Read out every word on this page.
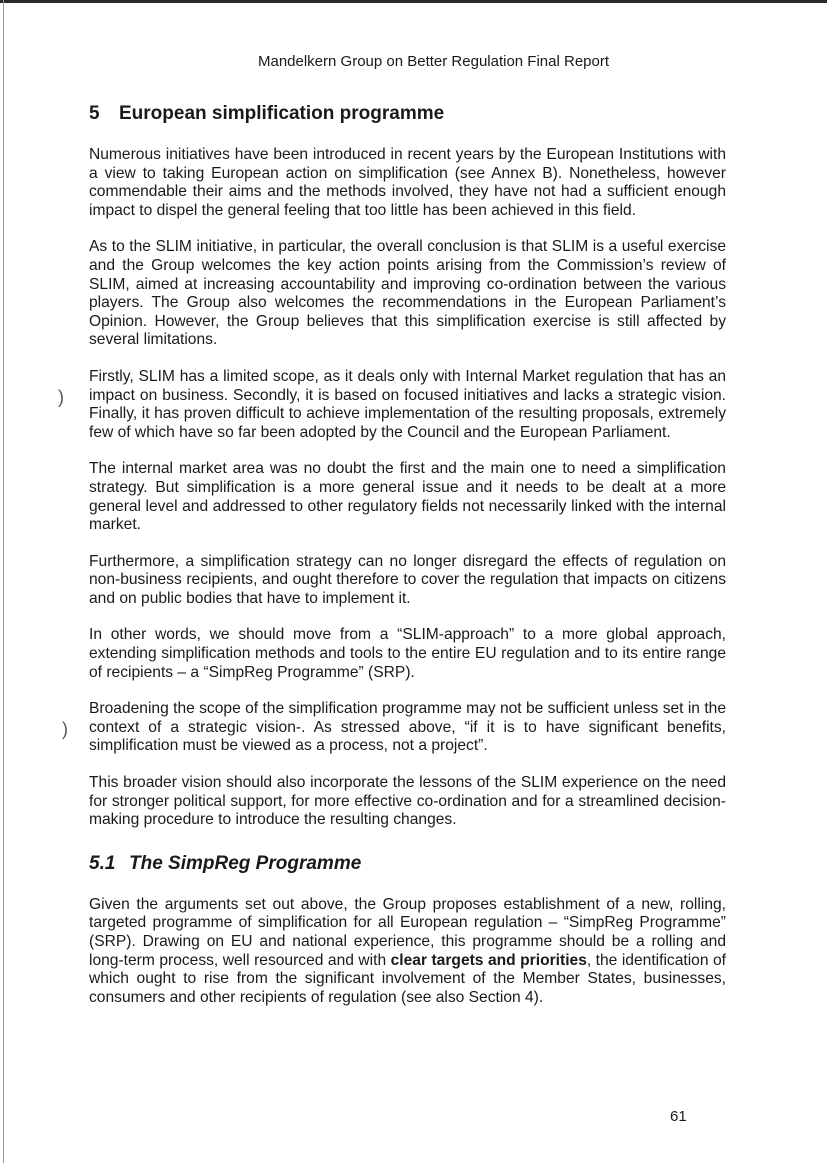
Mandelkern Group on Better Regulation Final Report
)
)
5 European simplification programme

Numerous initiatives have been introduced in recent years by the European Institutions with a view to taking European action on simplification (see Annex B). Nonetheless, however commendable their aims and the methods involved, they have not had a sufficient enough impact to dispel the general feeling that too little has been achieved in this field.

As to the SLIM initiative, in particular, the overall conclusion is that SLIM is a useful exercise and the Group welcomes the key action points arising from the Commission’s review of SLIM, aimed at increasing accountability and improving co-ordination between the various players. The Group also welcomes the recommendations in the European Parliament’s Opinion. However, the Group believes that this simplification exercise is still affected by several limitations.

Firstly, SLIM has a limited scope, as it deals only with Internal Market regulation that has an impact on business. Secondly, it is based on focused initiatives and lacks a strategic vision. Finally, it has proven difficult to achieve implementation of the resulting proposals, extremely few of which have so far been adopted by the Council and the European Parliament.

The internal market area was no doubt the first and the main one to need a simplification strategy. But simplification is a more general issue and it needs to be dealt at a more general level and addressed to other regulatory fields not necessarily linked with the internal market.

Furthermore, a simplification strategy can no longer disregard the effects of regulation on non-business recipients, and ought therefore to cover the regulation that impacts on citizens and on public bodies that have to implement it.

In other words, we should move from a “SLIM-approach” to a more global approach, extending simplification methods and tools to the entire EU regulation and to its entire range of recipients – a “SimpReg Programme” (SRP).

Broadening the scope of the simplification programme may not be sufficient unless set in the context of a strategic vision-. As stressed above, “if it is to have significant benefits, simplification must be viewed as a process, not a project”.

This broader vision should also incorporate the lessons of the SLIM experience on the need for stronger political support, for more effective co-ordination and for a streamlined decision-making procedure to introduce the resulting changes.

5.1 The SimpReg Programme

Given the arguments set out above, the Group proposes establishment of a new, rolling, targeted programme of simplification for all European regulation – “SimpReg Programme” (SRP). Drawing on EU and national experience, this programme should be a rolling and long-term process, well resourced and with clear targets and priorities, the identification of which ought to rise from the significant involvement of the Member States, businesses, consumers and other recipients of regulation (see also Section 4).

61
